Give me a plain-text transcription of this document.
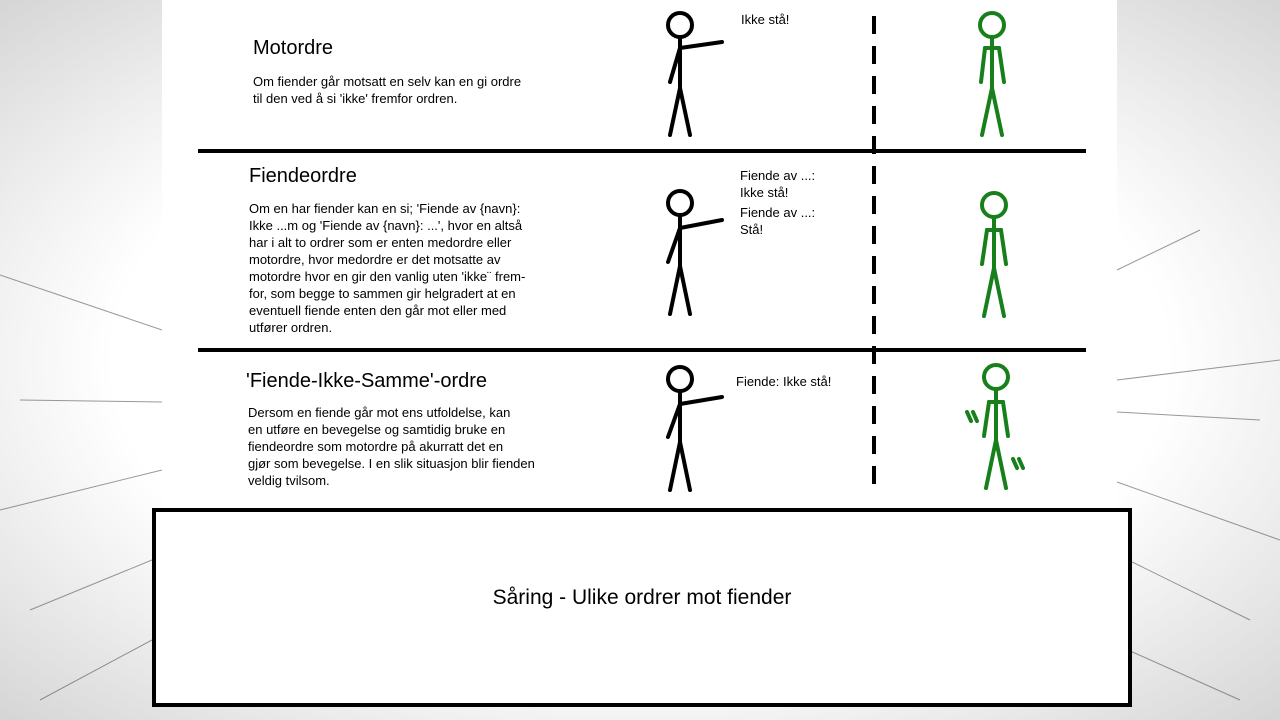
Motordre
Om fiender går motsatt en selv kan en gi ordre
til den ved å si 'ikke' fremfor ordren.
Ikke stå!
Fiendeordre
Om en har fiender kan en si; 'Fiende av {navn}:
Ikke ...m og 'Fiende av {navn}: ...', hvor en altså
har i alt to ordrer som er enten medordre eller
motordre, hvor medordre er det motsatte av
motordre hvor en gir den vanlig uten 'ikke¨ frem-
for, som begge to sammen gir helgradert at en
eventuell fiende enten den går mot eller med
utfører ordren.
Fiende av ...:
Ikke stå!
Fiende av ...:
Stå!
'Fiende-Ikke-Samme'-ordre
Dersom en fiende går mot ens utfoldelse, kan
en utføre en bevegelse og samtidig bruke en
fiendeordre som motordre på akurratt det en
gjør som bevegelse. I en slik situasjon blir fienden
veldig tvilsom.
Fiende: Ikke stå!
Såring - Ulike ordrer mot fiender
